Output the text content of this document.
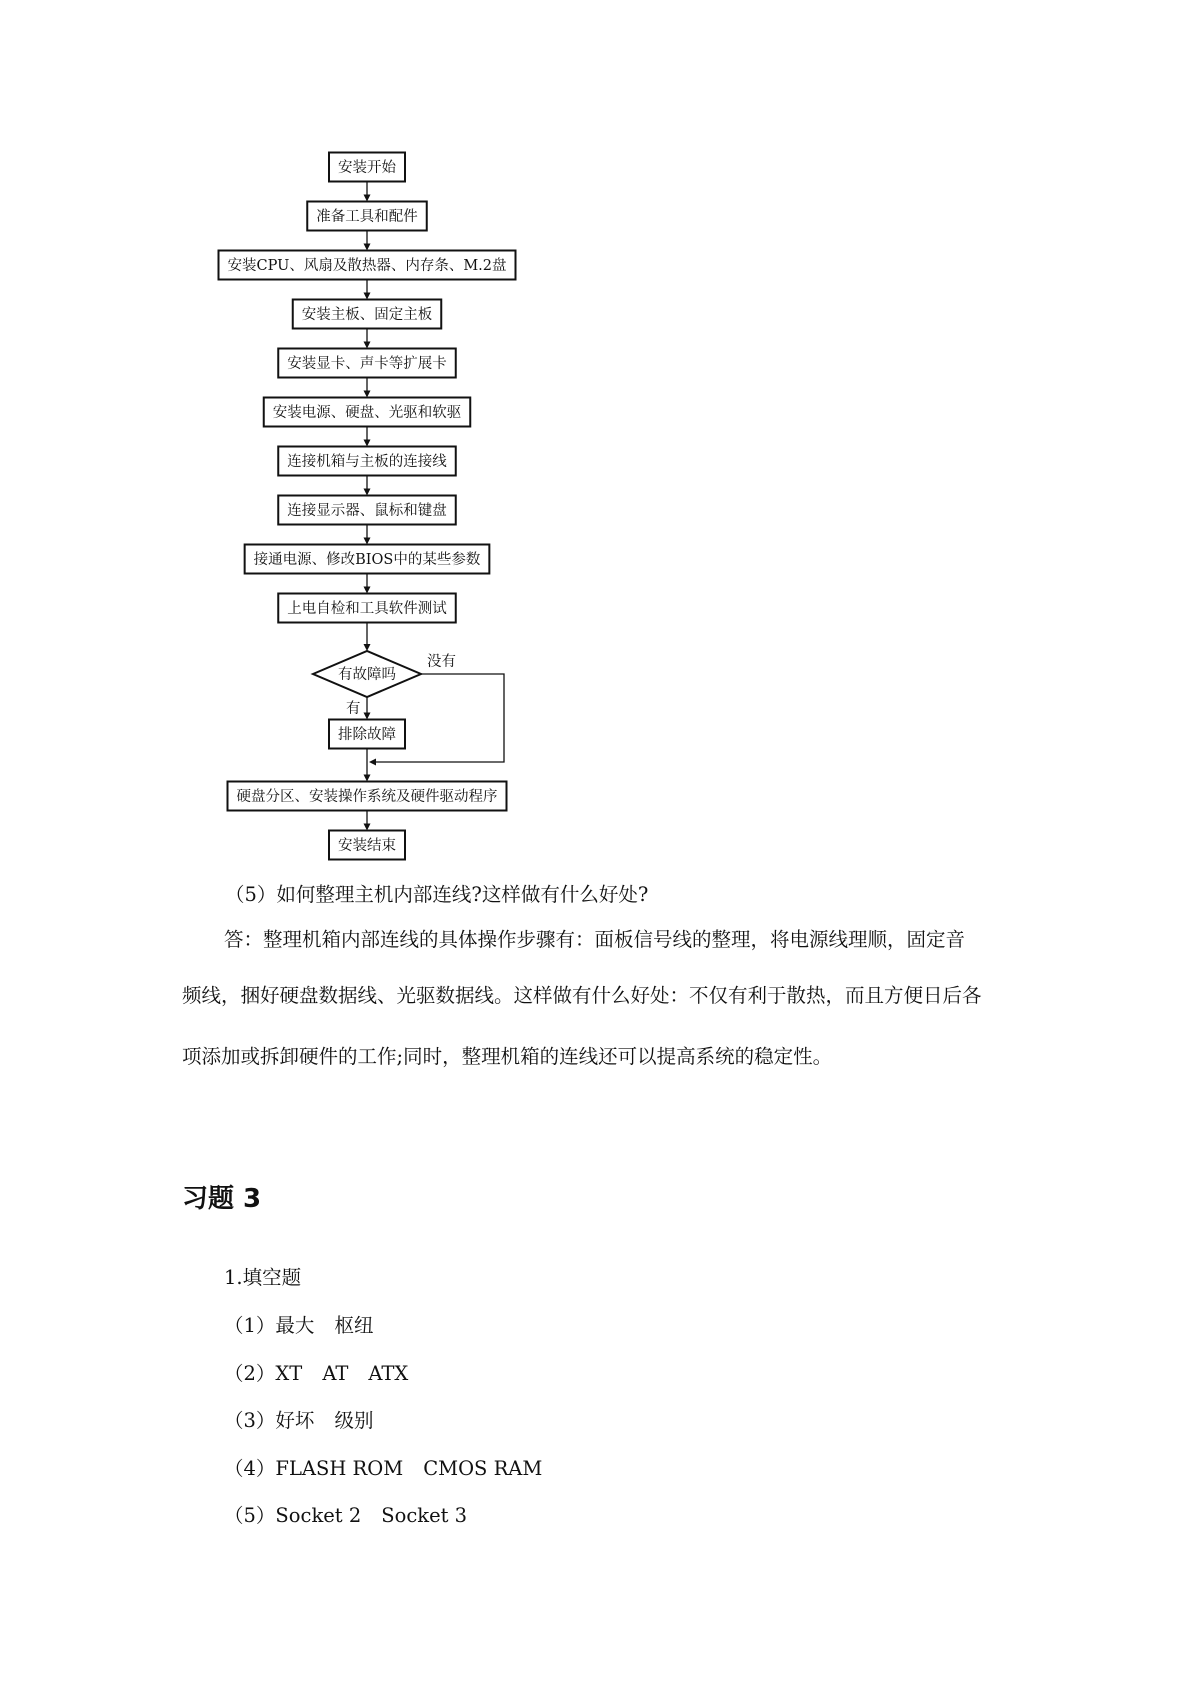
安装开始
准备工具和配件
安装CPU、风扇及散热器、内存条、M.2盘
安装主板、固定主板
安装显卡、声卡等扩展卡
安装电源、硬盘、光驱和软驱
连接机箱与主板的连接线
连接显示器、鼠标和键盘
接通电源、修改BIOS中的某些参数
上电自检和工具软件测试
有故障吗
没有
排除故障
有
硬盘分区、安装操作系统及硬件驱动程序
安装结束
（5）如何整理主机内部连线?这样做有什么好处?
答：整理机箱内部连线的具体操作步骤有：面板信号线的整理，将电源线理顺，固定音
频线，捆好硬盘数据线、光驱数据线。这样做有什么好处：不仅有利于散热，而且方便日后各
项添加或拆卸硬件的工作;同时，整理机箱的连线还可以提高系统的稳定性。
习题 3
1.填空题
（1）最大 枢纽
（2）XT AT ATX
（3）好坏 级别
（4）FLASH ROM CMOS RAM
（5）Socket 2 Socket 3
